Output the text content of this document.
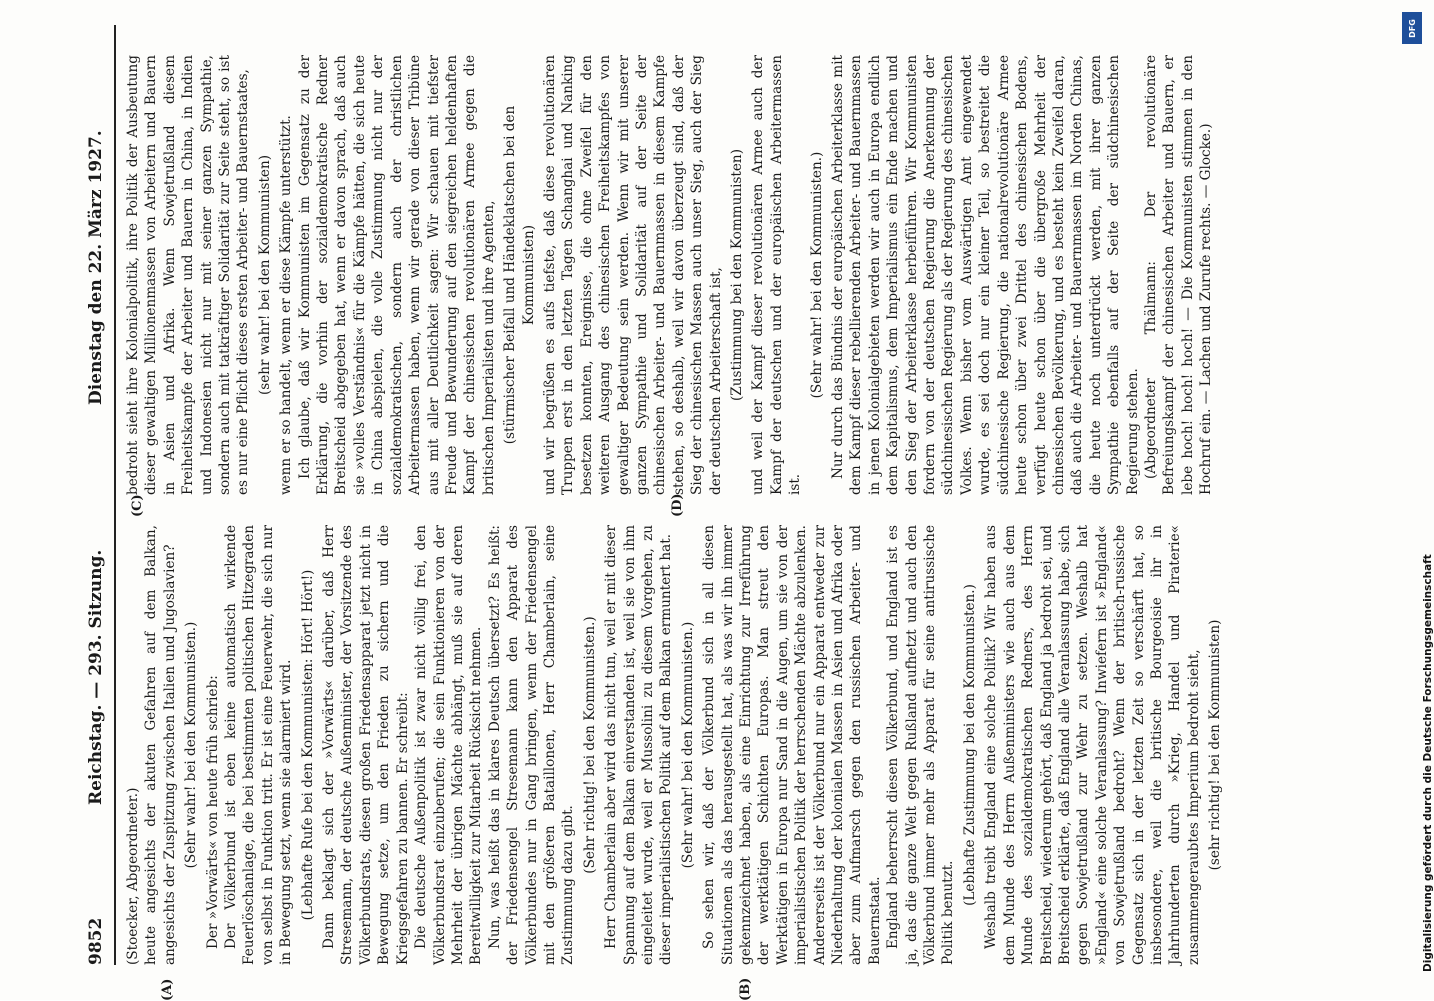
9852
Reichstag. — 293. Sitzung.
Dienstag den 22. März 1927.
(A)	(B)
(C)	(D)

(Stoecker, Abgeordneter.) heute angesichts der akuten Gefahren auf dem Balkan, angesichts der Zuspitzung zwischen Italien und Jugoslavien? (Sehr wahr! bei den Kommunisten.) Der »Vorwärts« von heute früh schrieb: Der Völkerbund ist eben keine automatisch wirkende Feuerlöschanlage, die bei bestimmten politischen Hitzegraden von selbst in Funktion tritt. Er ist eine Feuerwehr, die sich nur in Bewegung setzt, wenn sie alarmiert wird. (Lebhafte Rufe bei den Kommunisten: Hört! Hört!) Dann beklagt sich der »Vorwärts« darüber, daß Herr Stresemann, der deutsche Außenminister, der Vorsitzende des Völkerbundsrats, diesen großen Friedensapparat jetzt nicht in Bewegung setze, um den Frieden zu sichern und die Kriegsgefahren zu bannen. Er schreibt: Die deutsche Außenpolitik ist zwar nicht völlig frei, den Völkerbundsrat einzuberufen; die sein Funktionieren von der Mehrheit der übrigen Mächte abhängt, muß sie auf deren Bereitwilligkeit zur Mitarbeit Rücksicht nehmen. Nun, was heißt das in klares Deutsch übersetzt? Es heißt: der Friedensengel Stresemann kann den Apparat des Völkerbundes nur in Gang bringen, wenn der Friedensengel mit den größeren Bataillonen, Herr Chamberlain, seine Zustimmung dazu gibt.

(Sehr richtig! bei den Kommunisten.) Herr Chamberlain aber wird das nicht tun, weil er mit dieser Spannung auf dem Balkan einverstanden ist, weil sie von ihm eingeleitet wurde, weil er Mussolini zu diesem Vorgehen, zu dieser imperialistischen Politik auf dem Balkan ermuntert hat. (Sehr wahr! bei den Kommunisten.) So sehen wir, daß der Völkerbund sich in all diesen Situationen als das herausgestellt hat, als was wir ihn immer gekennzeichnet haben, als eine Einrichtung zur Irreführung der werktätigen Schichten Europas. Man streut den Werktätigen in Europa nur Sand in die Augen, um sie von der imperialistischen Politik der herrschenden Mächte abzulenken. Andererseits ist der Völkerbund nur ein Apparat entweder zur Niederhaltung der kolonialen Massen in Asien und Afrika oder aber zum Aufmarsch gegen den russischen Arbeiter- und Bauernstaat. England beherrscht diesen Völkerbund, und England ist es ja, das die ganze Welt gegen Rußland aufhetzt und auch den Völkerbund immer mehr als Apparat für seine antirussische Politik benutzt.

(Lebhafte Zustimmung bei den Kommunisten.) Weshalb treibt England eine solche Politik? Wir haben aus dem Munde des Herrn Außenministers wie auch aus dem Munde des sozialdemokratischen Redners, des Herrn Breitscheid, wiederum gehört, daß England ja bedroht sei, und Breitscheid erklärte, daß England alle Veranlassung habe, sich gegen Sowjetrußland zur Wehr zu setzen. Weshalb hat »England« eine solche Veranlassung? Inwiefern ist »England« von Sowjetrußland bedroht? Wenn der britisch-russische Gegensatz sich in der letzten Zeit so verschärft hat, so insbesondere, weil die britische Bourgeoisie ihr in Jahrhunderten durch »Krieg, Handel und Piraterie« zusammengeraubtes Imperium bedroht sieht, (sehr richtig! bei den Kommunisten)

bedroht sieht ihre Kolonialpolitik, ihre Politik der Ausbeutung dieser gewaltigen Millionenmassen von Arbeitern und Bauern in Asien und Afrika. Wenn Sowjetrußland diesem Freiheitskampfe der Arbeiter und Bauern in China, in Indien und Indonesien nicht nur mit seiner ganzen Sympathie, sondern auch mit tatkräftiger Solidarität zur Seite steht, so ist es nur eine Pflicht dieses ersten Arbeiter- und Bauernstaates, (sehr wahr! bei den Kommunisten) wenn er so handelt, wenn er diese Kämpfe unterstützt. Ich glaube, daß wir Kommunisten im Gegensatz zu der Erklärung, die vorhin der sozialdemokratische Redner Breitscheid abgegeben hat, wenn er davon sprach, daß auch sie »volles Verständnis« für die Kämpfe hätten, die sich heute in China abspielen, die volle Zustimmung nicht nur der sozialdemokratischen, sondern auch der christlichen Arbeitermassen haben, wenn wir gerade von dieser Tribüne aus mit aller Deutlichkeit sagen: Wir schauen mit tiefster Freude und Bewunderung auf den siegreichen heldenhaften Kampf der chinesischen revolutionären Armee gegen die britischen Imperialisten und ihre Agenten, (stürmischer Beifall und Händeklatschen bei den Kommunisten) und wir begrüßen es aufs tiefste, daß diese revolutionären Truppen erst in den letzten Tagen Schanghai und Nanking besetzen konnten, Ereignisse, die ohne Zweifel für den weiteren Ausgang des chinesischen Freiheitskampfes von gewaltiger Bedeutung sein werden. Wenn wir mit unserer ganzen Sympathie und Solidarität auf der Seite der chinesischen Arbeiter- und Bauernmassen in diesem Kampfe stehen, so deshalb, weil wir davon überzeugt sind, daß der Sieg der chinesischen Massen auch unser Sieg, auch der Sieg der deutschen Arbeiterschaft ist, (Zustimmung bei den Kommunisten) und weil der Kampf dieser revolutionären Armee auch der Kampf der deutschen und der europäischen Arbeitermassen ist.

(Sehr wahr! bei den Kommunisten.) Nur durch das Bündnis der europäischen Arbeiterklasse mit dem Kampf dieser rebellierenden Arbeiter- und Bauernmassen in jenen Kolonialgebieten werden wir auch in Europa endlich dem Kapitalismus, dem Imperialismus ein Ende machen und den Sieg der Arbeiterklasse herbeiführen. Wir Kommunisten fordern von der deutschen Regierung die Anerkennung der südchinesischen Regierung als der Regierung des chinesischen Volkes. Wenn bisher vom Auswärtigen Amt eingewendet wurde, es sei doch nur ein kleiner Teil, so bestreitet die südchinesische Regierung, die nationalrevolutionäre Armee heute schon über zwei Drittel des chinesischen Bodens, verfügt heute schon über die übergroße Mehrheit der chinesischen Bevölkerung, und es besteht kein Zweifel daran, daß auch die Arbeiter- und Bauernmassen im Norden Chinas, die heute noch unterdrückt werden, mit ihrer ganzen Sympathie ebenfalls auf der Seite der südchinesischen Regierung stehen. (Abgeordneter Thälmann: Der revolutionäre Befreiungskampf der chinesischen Arbeiter und Bauern, er lebe hoch! hoch! hoch! — Die Kommunisten stimmen in den Hochruf ein. — Lachen und Zurufe rechts. — Glocke.)

DFG
Digitalisierung gefördert durch die Deutsche Forschungsgemeinschaft
